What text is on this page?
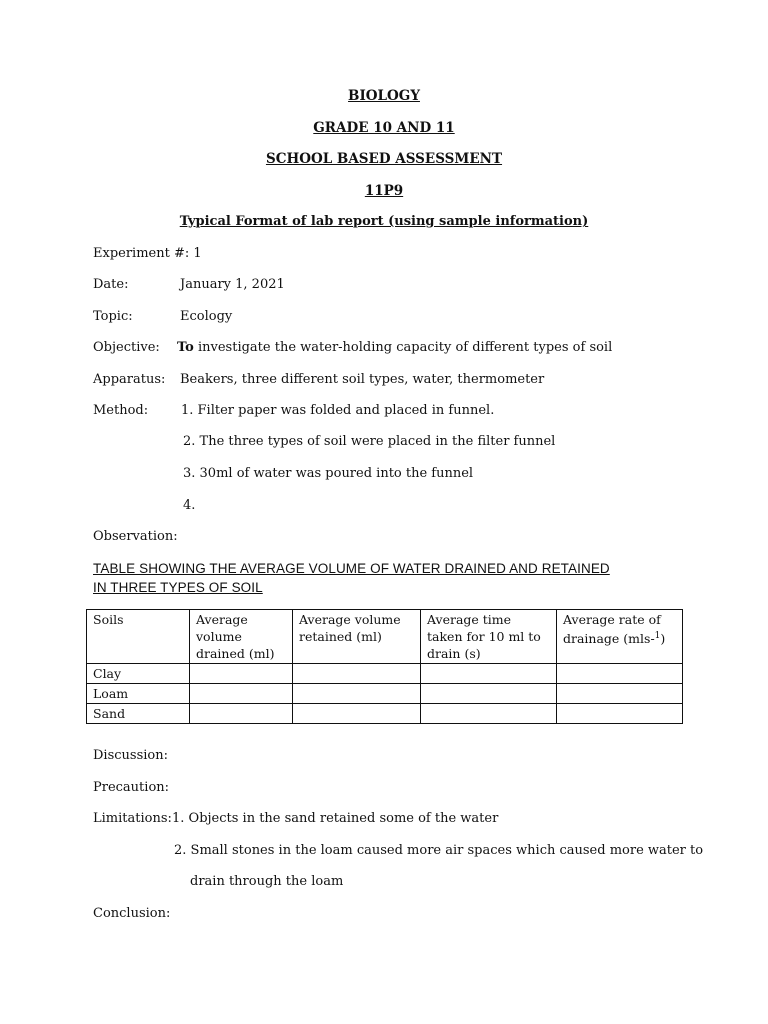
BIOLOGY
GRADE 10 AND 11
SCHOOL BASED ASSESSMENT
11P9
Typical Format of lab report (using sample information)
Experiment #: 1
Date:	January 1, 2021
Topic:	Ecology
Objective: To investigate the water-holding capacity of different types of soil
Apparatus: Beakers, three different soil types, water, thermometer
Method:	1. Filter paper was folded and placed in funnel.
2. The three types of soil were placed in the filter funnel
3. 30ml of water was poured into the funnel
4.
Observation:
TABLE SHOWING THE AVERAGE VOLUME OF WATER DRAINED AND RETAINED
IN THREE TYPES OF SOIL
Soils	Average volume drained (ml)	Average volume retained (ml)	Average time taken for 10 ml to drain (s)	Average rate of drainage (mls-$^1$)
Clay				
Loam				
Sand				
Discussion:
Precaution:
Limitations: 1. Objects in the sand retained some of the water
2. Small stones in the loam caused more air spaces which caused more water to
drain through the loam
Conclusion:
